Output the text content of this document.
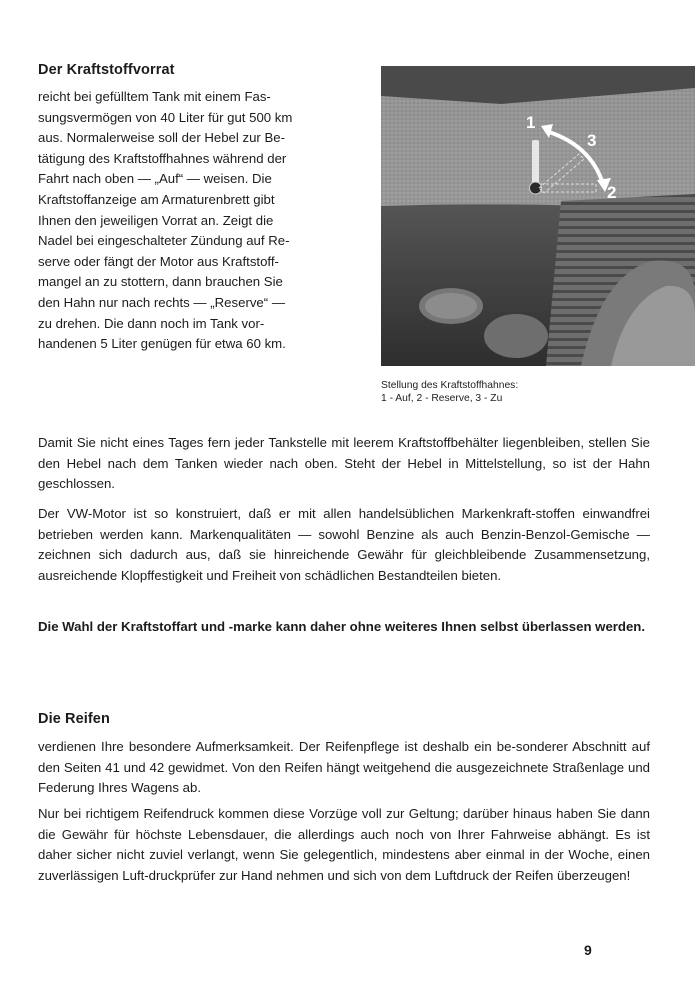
Der Kraftstoffvorrat
reicht bei gefülltem Tank mit einem Fas-
sungsvermögen von 40 Liter für gut 500 km
aus. Normalerweise soll der Hebel zur Be-
tätigung des Kraftstoffhahnes während der
Fahrt nach oben — „Auf“ — weisen. Die
Kraftstoffanzeige am Armaturenbrett gibt
Ihnen den jeweiligen Vorrat an. Zeigt die
Nadel bei eingeschalteter Zündung auf Re-
serve oder fängt der Motor aus Kraftstoff-
mangel an zu stottern, dann brauchen Sie
den Hahn nur nach rechts — „Reserve“ —
zu drehen. Die dann noch im Tank vor-
handenen 5 Liter genügen für etwa 60 km.
1
2
3
Stellung des Kraftstoffhahnes:
1 - Auf, 2 - Reserve, 3 - Zu

Damit Sie nicht eines Tages fern jeder Tankstelle mit leerem Kraftstoffbehälter liegenbleiben, stellen Sie den Hebel nach dem Tanken wieder nach oben. Steht der Hebel in Mittelstellung, so ist der Hahn geschlossen.

Der VW-Motor ist so konstruiert, daß er mit allen handelsüblichen Markenkraft-stoffen einwandfrei betrieben werden kann. Markenqualitäten — sowohl Benzine als auch Benzin-Benzol-Gemische — zeichnen sich dadurch aus, daß sie hinreichende Gewähr für gleichbleibende Zusammensetzung, ausreichende Klopffestigkeit und Freiheit von schädlichen Bestandteilen bieten.

Die Wahl der Kraftstoffart und -marke kann daher ohne weiteres Ihnen selbst überlassen werden.

Die Reifen

verdienen Ihre besondere Aufmerksamkeit. Der Reifenpflege ist deshalb ein be-sonderer Abschnitt auf den Seiten 41 und 42 gewidmet. Von den Reifen hängt weitgehend die ausgezeichnete Straßenlage und Federung Ihres Wagens ab.

Nur bei richtigem Reifendruck kommen diese Vorzüge voll zur Geltung; darüber hinaus haben Sie dann die Gewähr für höchste Lebensdauer, die allerdings auch noch von Ihrer Fahrweise abhängt. Es ist daher sicher nicht zuviel verlangt, wenn Sie gelegentlich, mindestens aber einmal in der Woche, einen zuverlässigen Luft-druckprüfer zur Hand nehmen und sich von dem Luftdruck der Reifen überzeugen!

9
